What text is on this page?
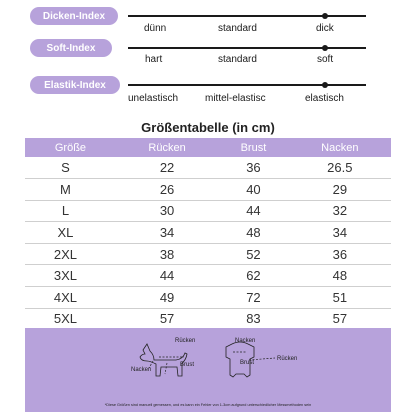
Dicken-Index
dünn	standard	dick
Soft-Index
hart	standard	soft
Elastik-Index
unelastisch	mittel-elastisc	elastisch
Größentabelle (in cm)
Größe	Rücken	Brust	Nacken
S	22	36	26.5
M	26	40	29
L	30	44	32
XL	34	48	34
2XL	38	52	36
3XL	44	62	48
4XL	49	72	51
5XL	57	83	57
Rücken
Brust
Nacken
Nacken
Brust
Rücken
*Diese Größen sind manuell gemessen, und es kann ein Fehler von 1-3cm aufgrund unterschiedlicher Messmethoden sein
